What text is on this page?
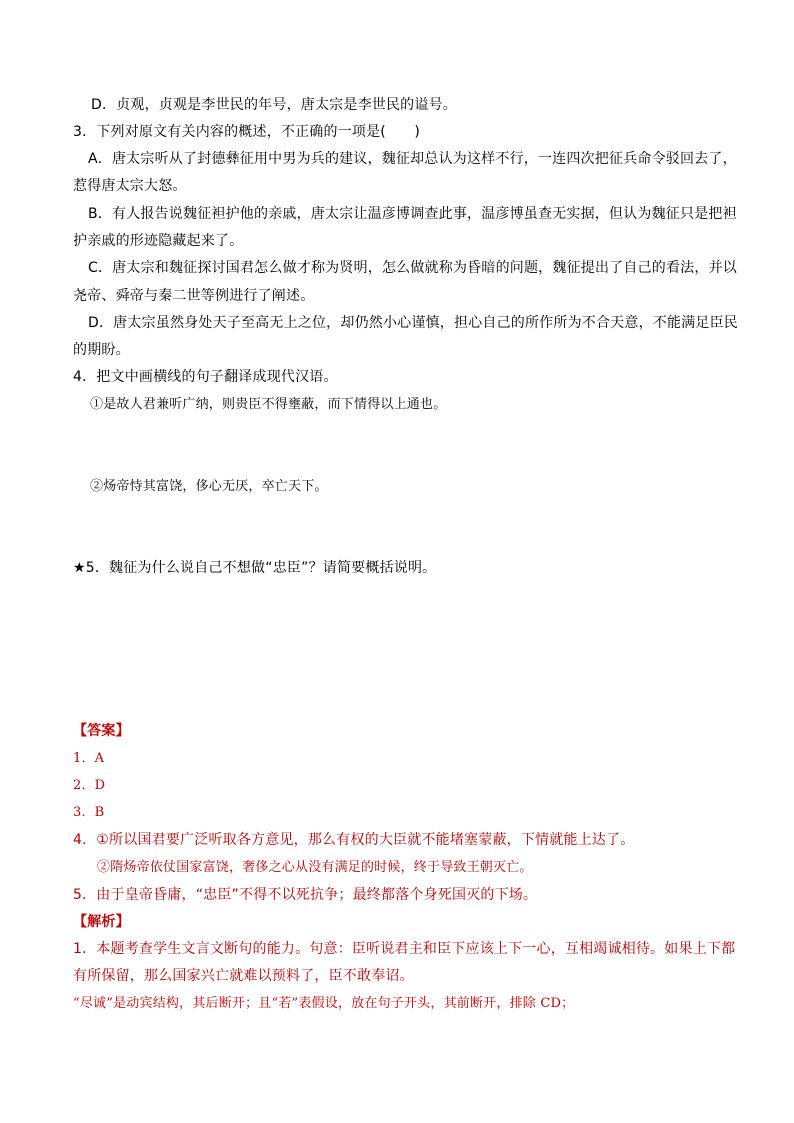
D．贞观，贞观是李世民的年号，唐太宗是李世民的谥号。
3．下列对原文有关内容的概述，不正确的一项是(　　)
A．唐太宗听从了封德彝征用中男为兵的建议，魏征却总认为这样不行，一连四次把征兵命令驳回去了，
惹得唐太宗大怒。
B．有人报告说魏征袒护他的亲戚，唐太宗让温彦博调查此事，温彦博虽查无实据，但认为魏征只是把袒
护亲戚的形迹隐藏起来了。
C．唐太宗和魏征探讨国君怎么做才称为贤明，怎么做就称为昏暗的问题，魏征提出了自己的看法，并以
尧帝、舜帝与秦二世等例进行了阐述。
D．唐太宗虽然身处天子至高无上之位，却仍然小心谨慎，担心自己的所作所为不合天意，不能满足臣民
的期盼。
4．把文中画横线的句子翻译成现代汉语。
①是故人君兼听广纳，则贵臣不得壅蔽，而下情得以上通也。
②炀帝恃其富饶，侈心无厌，卒亡天下。
★5．魏征为什么说自己不想做“忠臣”？请简要概括说明。
【答案】
1．A
2．D
3．B
4．①所以国君要广泛听取各方意见，那么有权的大臣就不能堵塞蒙蔽，下情就能上达了。
②隋炀帝依仗国家富饶，奢侈之心从没有满足的时候，终于导致王朝灭亡。
5．由于皇帝昏庸，“忠臣”不得不以死抗争；最终都落个身死国灭的下场。
【解析】
1．本题考查学生文言文断句的能力。句意：臣听说君主和臣下应该上下一心，互相竭诚相待。如果上下都
有所保留，那么国家兴亡就难以预料了，臣不敢奉诏。
“尽诚”是动宾结构，其后断开；且“若”表假设，放在句子开头，其前断开，排除 CD；
